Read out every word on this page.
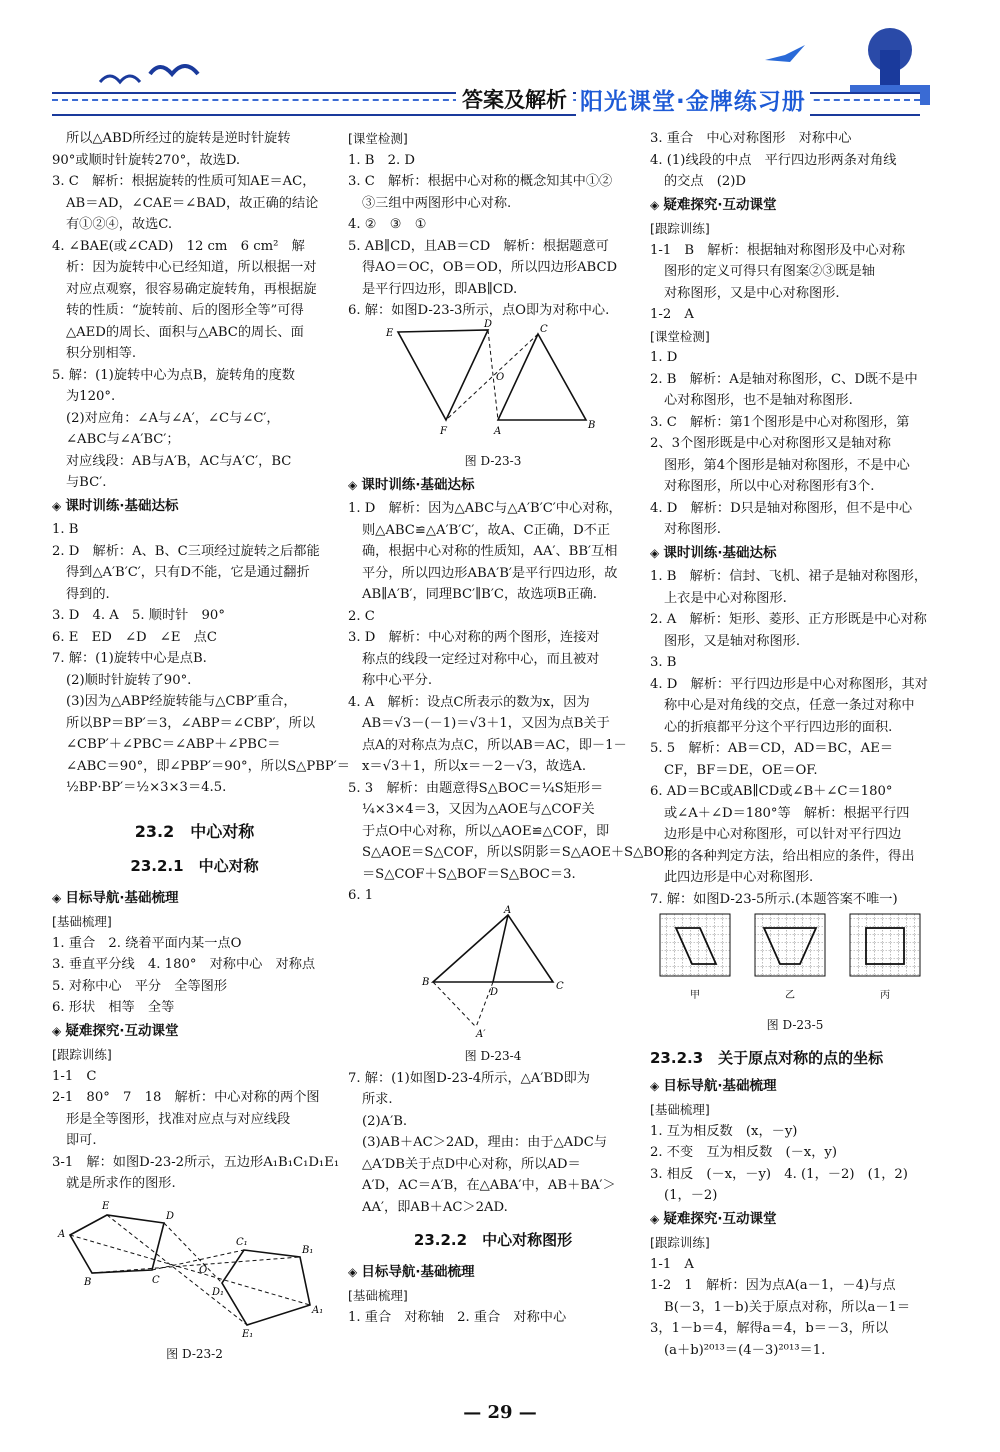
答案及解析 阳光课堂·金牌练习册
所以△ABD所经过的旋转是逆时针旋转
90°或顺时针旋转270°，故选D.
3. C　解析：根据旋转的性质可知AE＝AC，
AB＝AD，∠CAE＝∠BAD，故正确的结论
有①②④，故选C.
4. ∠BAE(或∠CAD)　12 cm　6 cm²　解
析：因为旋转中心已经知道，所以根据一对
对应点观察，很容易确定旋转角，再根据旋
转的性质：“旋转前、后的图形全等”可得
△AED的周长、面积与△ABC的周长、面
积分别相等.
5. 解：(1)旋转中心为点B，旋转角的度数
为120°.
(2)对应角：∠A与∠A′，∠C与∠C′，
∠ABC与∠A′BC′；
对应线段：AB与A′B，AC与A′C′，BC
与BC′.
◈ 课时训练·基础达标
1. B
2. D　解析：A、B、C三项经过旋转之后都能
得到△A′B′C′，只有D不能，它是通过翻折
得到的.
3. D　4. A　5. 顺时针　90°
6. E　ED　∠D　∠E　点C
7. 解：(1)旋转中心是点B.
(2)顺时针旋转了90°.
(3)因为△ABP经旋转能与△CBP′重合，
所以BP＝BP′＝3，∠ABP＝∠CBP′，所以
∠CBP′＋∠PBC＝∠ABP＋∠PBC＝
∠ABC＝90°，即∠PBP′＝90°，所以S△PBP′＝
½BP·BP′＝½×3×3＝4.5.
23.2　中心对称
23.2.1　中心对称
◈ 目标导航·基础梳理
[基础梳理]
1. 重合　2. 绕着平面内某一点O
3. 垂直平分线　4. 180°　对称中心　对称点
5. 对称中心　平分　全等图形
6. 形状　相等　全等
◈ 疑难探究·互动课堂
[跟踪训练]
1-1　C
2-1　80°　7　18　解析：中心对称的两个图
形是全等图形，找准对应点与对应线段
即可.
3-1　解：如图D-23-2所示，五边形A₁B₁C₁D₁E₁
就是所求作的图形.
A
E
D
C
B
O
C₁
B₁
A₁
E₁
D₁
图 D-23-2
[课堂检测]
1. B　2. D
3. C　解析：根据中心对称的概念知其中①②
③三组中两图形中心对称.
4. ②　③　①
5. AB∥CD，且AB＝CD　解析：根据题意可
得AO＝OC，OB＝OD，所以四边形ABCD
是平行四边形，即AB∥CD.
6. 解：如图D-23-3所示，点O即为对称中心.
E
D	C
O
F	A
B
图 D-23-3
◈ 课时训练·基础达标
1. D　解析：因为△ABC与△A′B′C′中心对称，
则△ABC≌△A′B′C′，故A、C正确，D不正
确，根据中心对称的性质知，AA′、BB′互相
平分，所以四边形ABA′B′是平行四边形，故
AB∥A′B′，同理BC′∥B′C，故选项B正确.
2. C
3. D　解析：中心对称的两个图形，连接对
称点的线段一定经过对称中心，而且被对
称中心平分.
4. A　解析：设点C所表示的数为x，因为
AB＝√3－(－1)＝√3＋1，又因为点B关于
点A的对称点为点C，所以AB＝AC，即－1－
x＝√3＋1，所以x＝－2－√3，故选A.
5. 3　解析：由题意得S△BOC＝¼S矩形＝
¼×3×4＝3，又因为△AOE与△COF关
于点O中心对称，所以△AOE≌△COF，即
S△AOE＝S△COF，所以S阴影＝S△AOE＋S△BOF
＝S△COF＋S△BOF＝S△BOC＝3.
6. 1
A
B	C
D
A′
图 D-23-4
7. 解：(1)如图D-23-4所示，△A′BD即为
所求.
(2)A′B.
(3)AB＋AC＞2AD，理由：由于△ADC与
△A′DB关于点D中心对称，所以AD＝
A′D，AC＝A′B，在△ABA′中，AB＋BA′＞
AA′，即AB＋AC＞2AD.
23.2.2　中心对称图形
◈ 目标导航·基础梳理
[基础梳理]
1. 重合　对称轴　2. 重合　对称中心
3. 重合　中心对称图形　对称中心
4. (1)线段的中点　平行四边形两条对角线
的交点　(2)D
◈ 疑难探究·互动课堂
[跟踪训练]
1-1　B　解析：根据轴对称图形及中心对称
图形的定义可得只有图案②③既是轴
对称图形，又是中心对称图形.
1-2　A
[课堂检测]
1. D
2. B　解析：A是轴对称图形，C、D既不是中
心对称图形，也不是轴对称图形.
3. C　解析：第1个图形是中心对称图形，第
2、3个图形既是中心对称图形又是轴对称
图形，第4个图形是轴对称图形，不是中心
对称图形，所以中心对称图形有3个.
4. D　解析：D只是轴对称图形，但不是中心
对称图形.
◈ 课时训练·基础达标
1. B　解析：信封、飞机、裙子是轴对称图形，
上衣是中心对称图形.
2. A　解析：矩形、菱形、正方形既是中心对称
图形，又是轴对称图形.
3. B
4. D　解析：平行四边形是中心对称图形，其对
称中心是对角线的交点，任意一条过对称中
心的折痕都平分这个平行四边形的面积.
5. 5　解析：AB＝CD，AD＝BC，AE＝
CF，BF＝DE，OE＝OF.
6. AD＝BC或AB∥CD或∠B＋∠C＝180°
或∠A＋∠D＝180°等　解析：根据平行四
边形是中心对称图形，可以针对平行四边
形的各种判定方法，给出相应的条件，得出
此四边形是中心对称图形.
7. 解：如图D-23-5所示.(本题答案不唯一)
甲	乙	丙
图 D-23-5
23.2.3　关于原点对称的点的坐标
◈ 目标导航·基础梳理
[基础梳理]
1. 互为相反数　(x，－y)
2. 不变　互为相反数　(－x，y)
3. 相反　(－x，－y)　4. (1，－2)　(1，2)
(1，－2)
◈ 疑难探究·互动课堂
[跟踪训练]
1-1　A
1-2　1　解析：因为点A(a－1，－4)与点
B(－3，1－b)关于原点对称，所以a－1＝
3，1－b＝4，解得a＝4，b＝－3，所以
(a＋b)²⁰¹³＝(4－3)²⁰¹³＝1.
— 29 —
